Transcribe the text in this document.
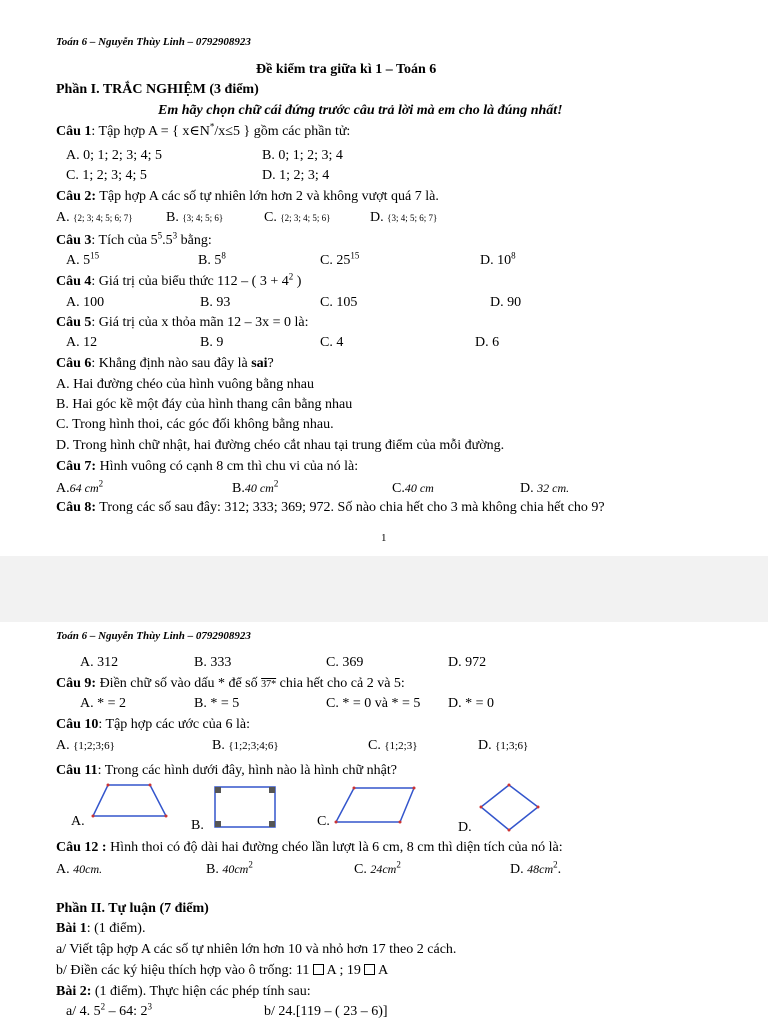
Toán 6 – Nguyễn Thùy Linh – 0792908923
Đề kiểm tra giữa kì 1 – Toán 6
Phần I. TRẮC NGHIỆM (3 điểm)
Em hãy chọn chữ cái đứng trước câu trả lời mà em cho là đúng nhất!
Câu 1: Tập hợp A = { x∈N*/x≤5 } gồm các phần tử:
A. 0; 1; 2; 3; 4; 5	B. 0; 1; 2; 3; 4
C. 1; 2; 3; 4; 5	D. 1; 2; 3; 4
Câu 2: Tập hợp A các số tự nhiên lớn hơn 2 và không vượt quá 7 là.
A. {2; 3; 4; 5; 6; 7} B. {3; 4; 5; 6}	C. {2; 3; 4; 5; 6}	D. {3; 4; 5; 6; 7}
Câu 3: Tích của $5^5.5^3$ bằng:
A. $5^{15}$	B. $5^8$	C. $25^{15}$	D. $10^8$
Câu 4: Giá trị của biểu thức 112 – ( $3 + 4^2$ )
A. 100	B. 93	C. 105	D. 90
Câu 5: Giá trị của x thỏa mãn 12 – 3x = 0 là:
A. 12	B. 9	C. 4	D. 6
Câu 6: Khẳng định nào sau đây là sai?
A. Hai đường chéo của hình vuông bằng nhau
B. Hai góc kề một đáy của hình thang cân bằng nhau
C. Trong hình thoi, các góc đối không bằng nhau.
D. Trong hình chữ nhật, hai đường chéo cắt nhau tại trung điểm của mỗi đường.
Câu 7: Hình vuông có cạnh 8 cm thì chu vi của nó là:
A.64 $cm^2$	B.40 $cm^2$	C.40 cm	D. 32 cm.
Câu 8: Trong các số sau đây: 312; 333; 369; 972. Số nào chia hết cho 3 mà không chia hết cho 9?
1
Toán 6 – Nguyễn Thùy Linh – 0792908923
A. 312	B. 333	C. 369	D. 972
Câu 9: Điền chữ số vào dấu * để số 37* chia hết cho cả 2 và 5:
A. * = 2	B. * = 5	C. * = 0 và * = 5 D. * = 0
Câu 10: Tập hợp các ước của 6 là:
A. {1;2;3;6}	B. {1;2;3;4;6}	C. {1;2;3}	D. {1;3;6}
Câu 11: Trong các hình dưới đây, hình nào là hình chữ nhật?
A.	B.	C.	D.
Câu 12 : Hình thoi có độ dài hai đường chéo lần lượt là 6 cm, 8 cm thì diện tích của nó là:
A. 40cm.	B. $40cm^2$	C. $24cm^2$	D. $48cm^2$.
Phần II. Tự luận (7 điểm)
Bài 1: (1 điểm).
a/ Viết tập hợp A các số tự nhiên lớn hơn 10 và nhỏ hơn 17 theo 2 cách.
b/ Điền các ký hiệu thích hợp vào ô trống: 11  A ; 19  A
Bài 2: (1 điểm). Thực hiện các phép tính sau:
a/ 4. $5^2 - 64$: $2^3$	b/ 24.[119 – ( 23 – 6)]
